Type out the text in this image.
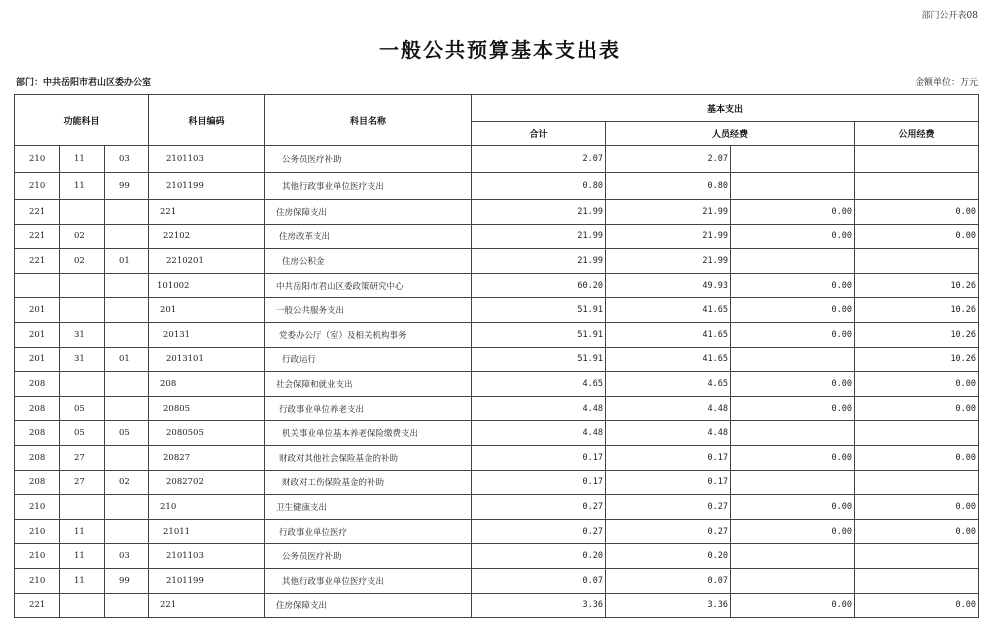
部门公开表08
一般公共预算基本支出表
部门：中共岳阳市君山区委办公室	金额单位：万元
功能科目			科目编码	科目名称	基本支出			
					合计	人员经费		公用经费
210	11	03	2101103	公务员医疗补助	2.07	2.07		
210	11	99	2101199	其他行政事业单位医疗支出	0.80	0.80		
221			221	住房保障支出	21.99	21.99	0.00	0.00
221	02		22102	住房改革支出	21.99	21.99	0.00	0.00
221	02	01	2210201	住房公积金	21.99	21.99		
			101002	中共岳阳市君山区委政策研究中心	60.20	49.93	0.00	10.26
201			201	一般公共服务支出	51.91	41.65	0.00	10.26
201	31		20131	党委办公厅（室）及相关机构事务	51.91	41.65	0.00	10.26
201	31	01	2013101	行政运行	51.91	41.65		10.26
208			208	社会保障和就业支出	4.65	4.65	0.00	0.00
208	05		20805	行政事业单位养老支出	4.48	4.48	0.00	0.00
208	05	05	2080505	机关事业单位基本养老保险缴费支出	4.48	4.48		
208	27		20827	财政对其他社会保险基金的补助	0.17	0.17	0.00	0.00
208	27	02	2082702	财政对工伤保险基金的补助	0.17	0.17		
210			210	卫生健康支出	0.27	0.27	0.00	0.00
210	11		21011	行政事业单位医疗	0.27	0.27	0.00	0.00
210	11	03	2101103	公务员医疗补助	0.20	0.20		
210	11	99	2101199	其他行政事业单位医疗支出	0.07	0.07		
221			221	住房保障支出	3.36	3.36	0.00	0.00
